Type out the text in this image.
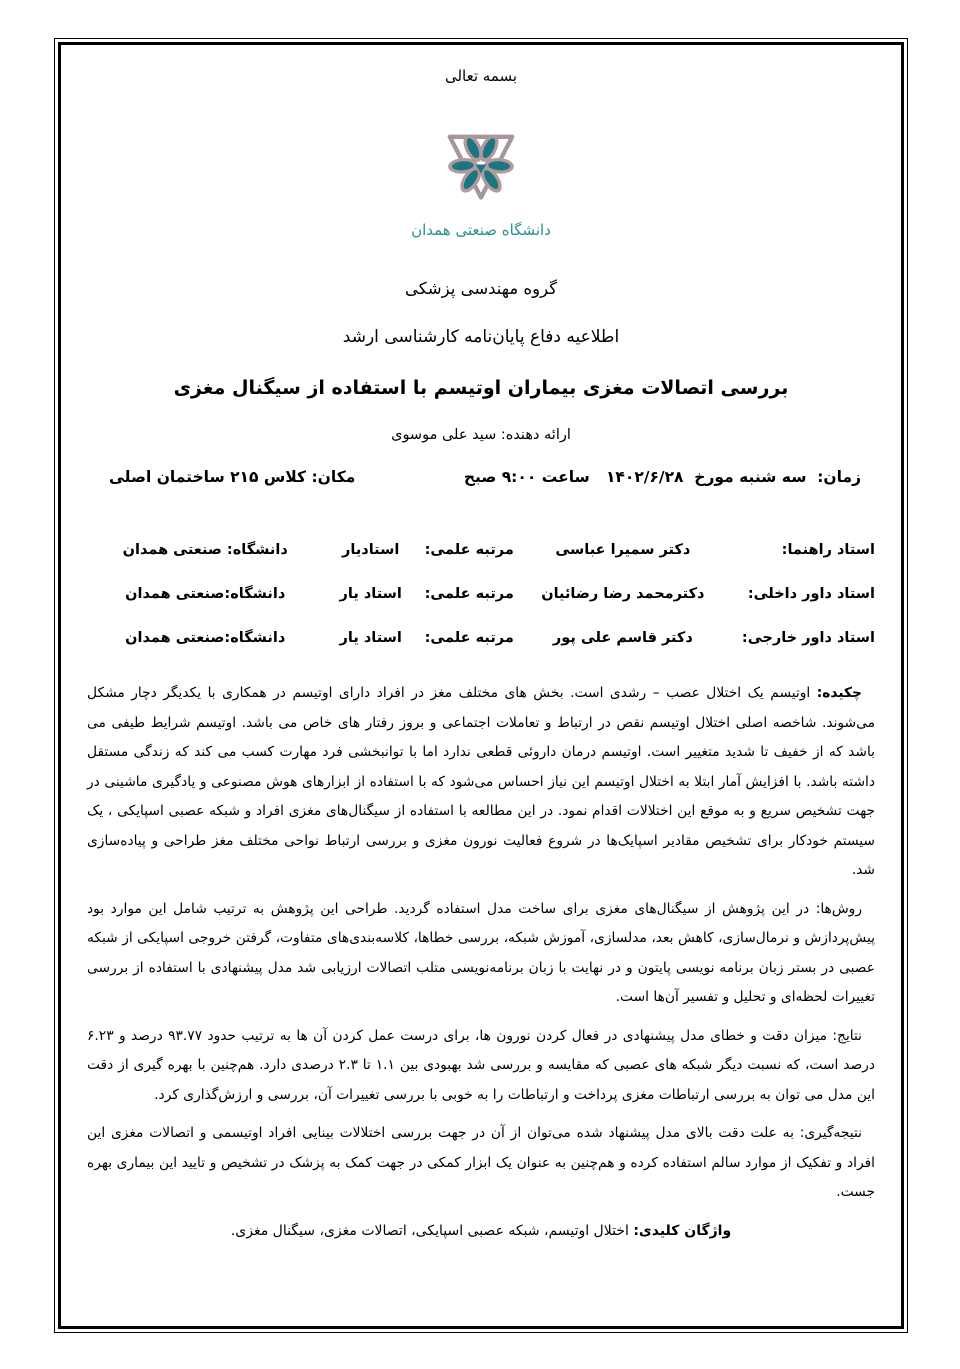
بسمه تعالی
دانشگاه صنعتی همدان
گروه مهندسی پزشکی
اطلاعیه دفاع پایان‌نامه کارشناسی ارشد
بررسی اتصالات مغزی بیماران اوتیسم با استفاده از سیگنال مغزی
ارائه دهنده: سید علی موسوی
زمان:  سه شنبه مورخ  ۱۴۰۲/۶/۲۸   ساعت ۹:۰۰ صبح
مکان: کلاس ۲۱۵ ساختمان اصلی
استاد راهنما:
دکتر سمیرا عباسی
مرتبه علمی:
استادیار
دانشگاه: صنعتی همدان
استاد داور داخلی:
دکترمحمد رضا رضائیان
مرتبه علمی:
استاد یار
دانشگاه:صنعتی همدان
استاد داور خارجی:
دکتر قاسم علی پور
مرتبه علمی:
استاد یار
دانشگاه:صنعتی همدان

چکیده: اوتیسم یک اختلال عصب – رشدی است. بخش های مختلف مغز در افراد دارای اوتیسم در همکاری با یکدیگر دچار مشکل می‌شوند. شاخصه اصلی اختلال اوتیسم نقص در ارتباط و تعاملات اجتماعی و بروز رفتار های خاص می باشد. اوتیسم شرایط طیفی می باشد که از خفیف تا شدید متغییر است. اوتیسم درمان داروئی قطعی ندارد اما با توانبخشی فرد مهارت کسب می کند که زندگی مستقل داشته باشد. با افزایش آمار ابتلا به اختلال اوتیسم این نیاز احساس می‌شود که با استفاده از ابزارهای هوش مصنوعی و یادگیری ماشینی در جهت تشخیص سریع و به موقع این اختلالات اقدام نمود. در این مطالعه با استفاده از سیگنال‌های مغزی افراد و شبکه عصبی اسپایکی ، یک سیستم خودکار برای تشخیص مقادیر اسپایک‌ها در شروع فعالیت نورون مغزی و بررسی ارتباط نواحی مختلف مغز طراحی و پیاده‌سازی شد.

روش‌ها: در این پژوهش از سیگنال‌های مغزی برای ساخت مدل استفاده گردید. طراحی این پژوهش به ترتیب شامل این موارد بود پیش‌پردازش و نرمال‌سازی، کاهش بعد، مدلسازی، آموزش شبکه، بررسی خطاها، کلاسه‌بندی‌های متفاوت، گرفتن خروجی اسپایکی از شبکه عصبی در بستر زبان برنامه نویسی پایتون و در نهایت با زبان برنامه‌نویسی متلب اتصالات ارزیابی شد مدل پیشنهادی با استفاده از بررسی تغییرات لحظه‌ای و تحلیل و تفسیر آن‌ها است.

نتایج: میزان دقت و خطای مدل پیشنهادی در فعال کردن نورون ها، برای درست عمل کردن آن ها به ترتیب حدود ۹۳.۷۷ درصد و ۶.۲۳ درصد است، که نسبت دیگر شبکه های عصبی که مقایسه و بررسی شد بهبودی بین ۱.۱ تا ۲.۳ درصدی دارد. هم‌چنین با بهره گیری از دقت این مدل می توان به بررسی ارتباطات مغزی پرداخت و ارتباطات را به خوبی با بررسی تغییرات آن، بررسی و ارزش‌گذاری کرد.

نتیجه‌گیری: به علت دقت بالای مدل پیشنهاد شده می‌توان از آن در جهت بررسی اختلالات بینایی افراد اوتیسمی و اتصالات مغزی این افراد و تفکیک از موارد سالم استفاده کرده و هم‌چنین به عنوان یک ابزار کمکی در جهت کمک به پزشک در تشخیص و تایید این بیماری بهره جست.

واژگان کلیدی: اختلال اوتیسم، شبکه عصبی اسپایکی، اتصالات مغزی، سیگنال مغزی.
